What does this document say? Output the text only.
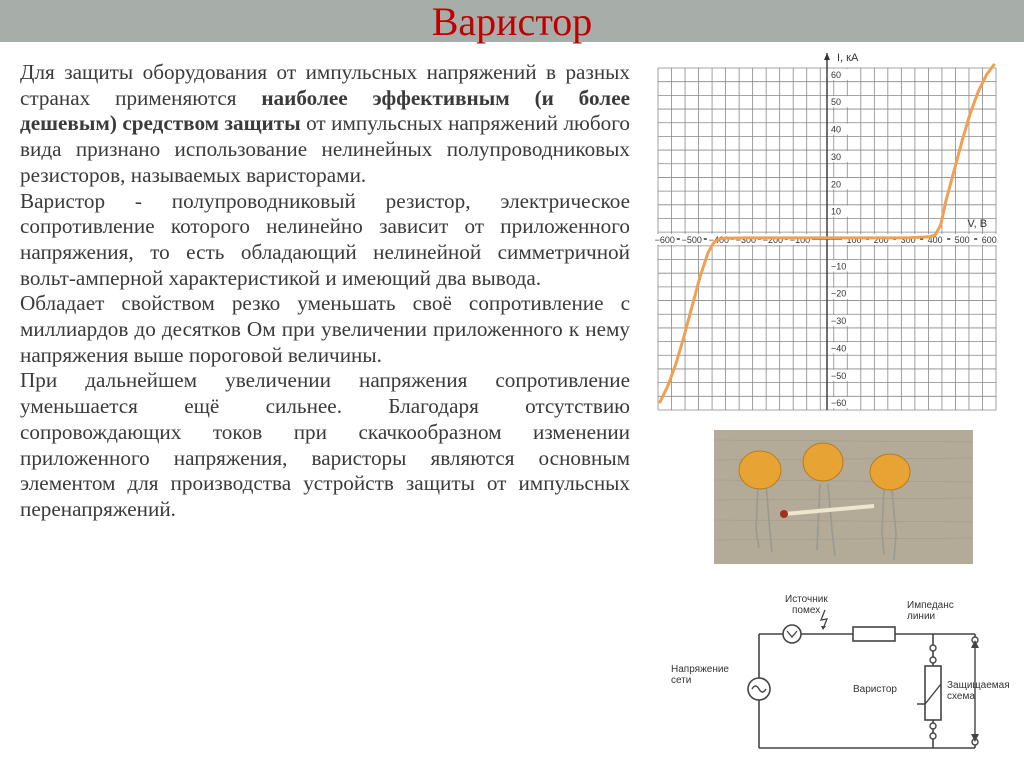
Варистор

Для защиты оборудования от импульсных напряжений в разных странах применяются наиболее эффективным (и более дешевым) средством защиты от импульсных напряжений любого вида признано использование нелинейных полупроводниковых резисторов, называемых варисторами.

Варистор - полупроводниковый резистор, электрическое сопротивление которого нелинейно зависит от приложенного напряжения, то есть обладающий нелинейной симметричной вольт-амперной характеристикой и имеющий два вывода.

Обладает свойством резко уменьшать своё сопротивление с миллиардов до десятков Ом при увеличении приложенного к нему напряжения выше пороговой величины.

При дальнейшем увеличении напряжения сопротивление уменьшается ещё сильнее. Благодаря отсутствию сопровождающих токов при скачкообразном изменении приложенного напряжения, варисторы являются основным элементом для производства устройств защиты от импульсных перенапряжений.

−600 −500 −400 −300 −200 −100	100 200 300 400 500 600
60
50
40
30
20
10
−10
−20
−30
−40
−50
−60
V, В
I, кА
Источник
помех	Импеданс
линии
Напряжение
сети
Варистор	Защищаемая
схема
